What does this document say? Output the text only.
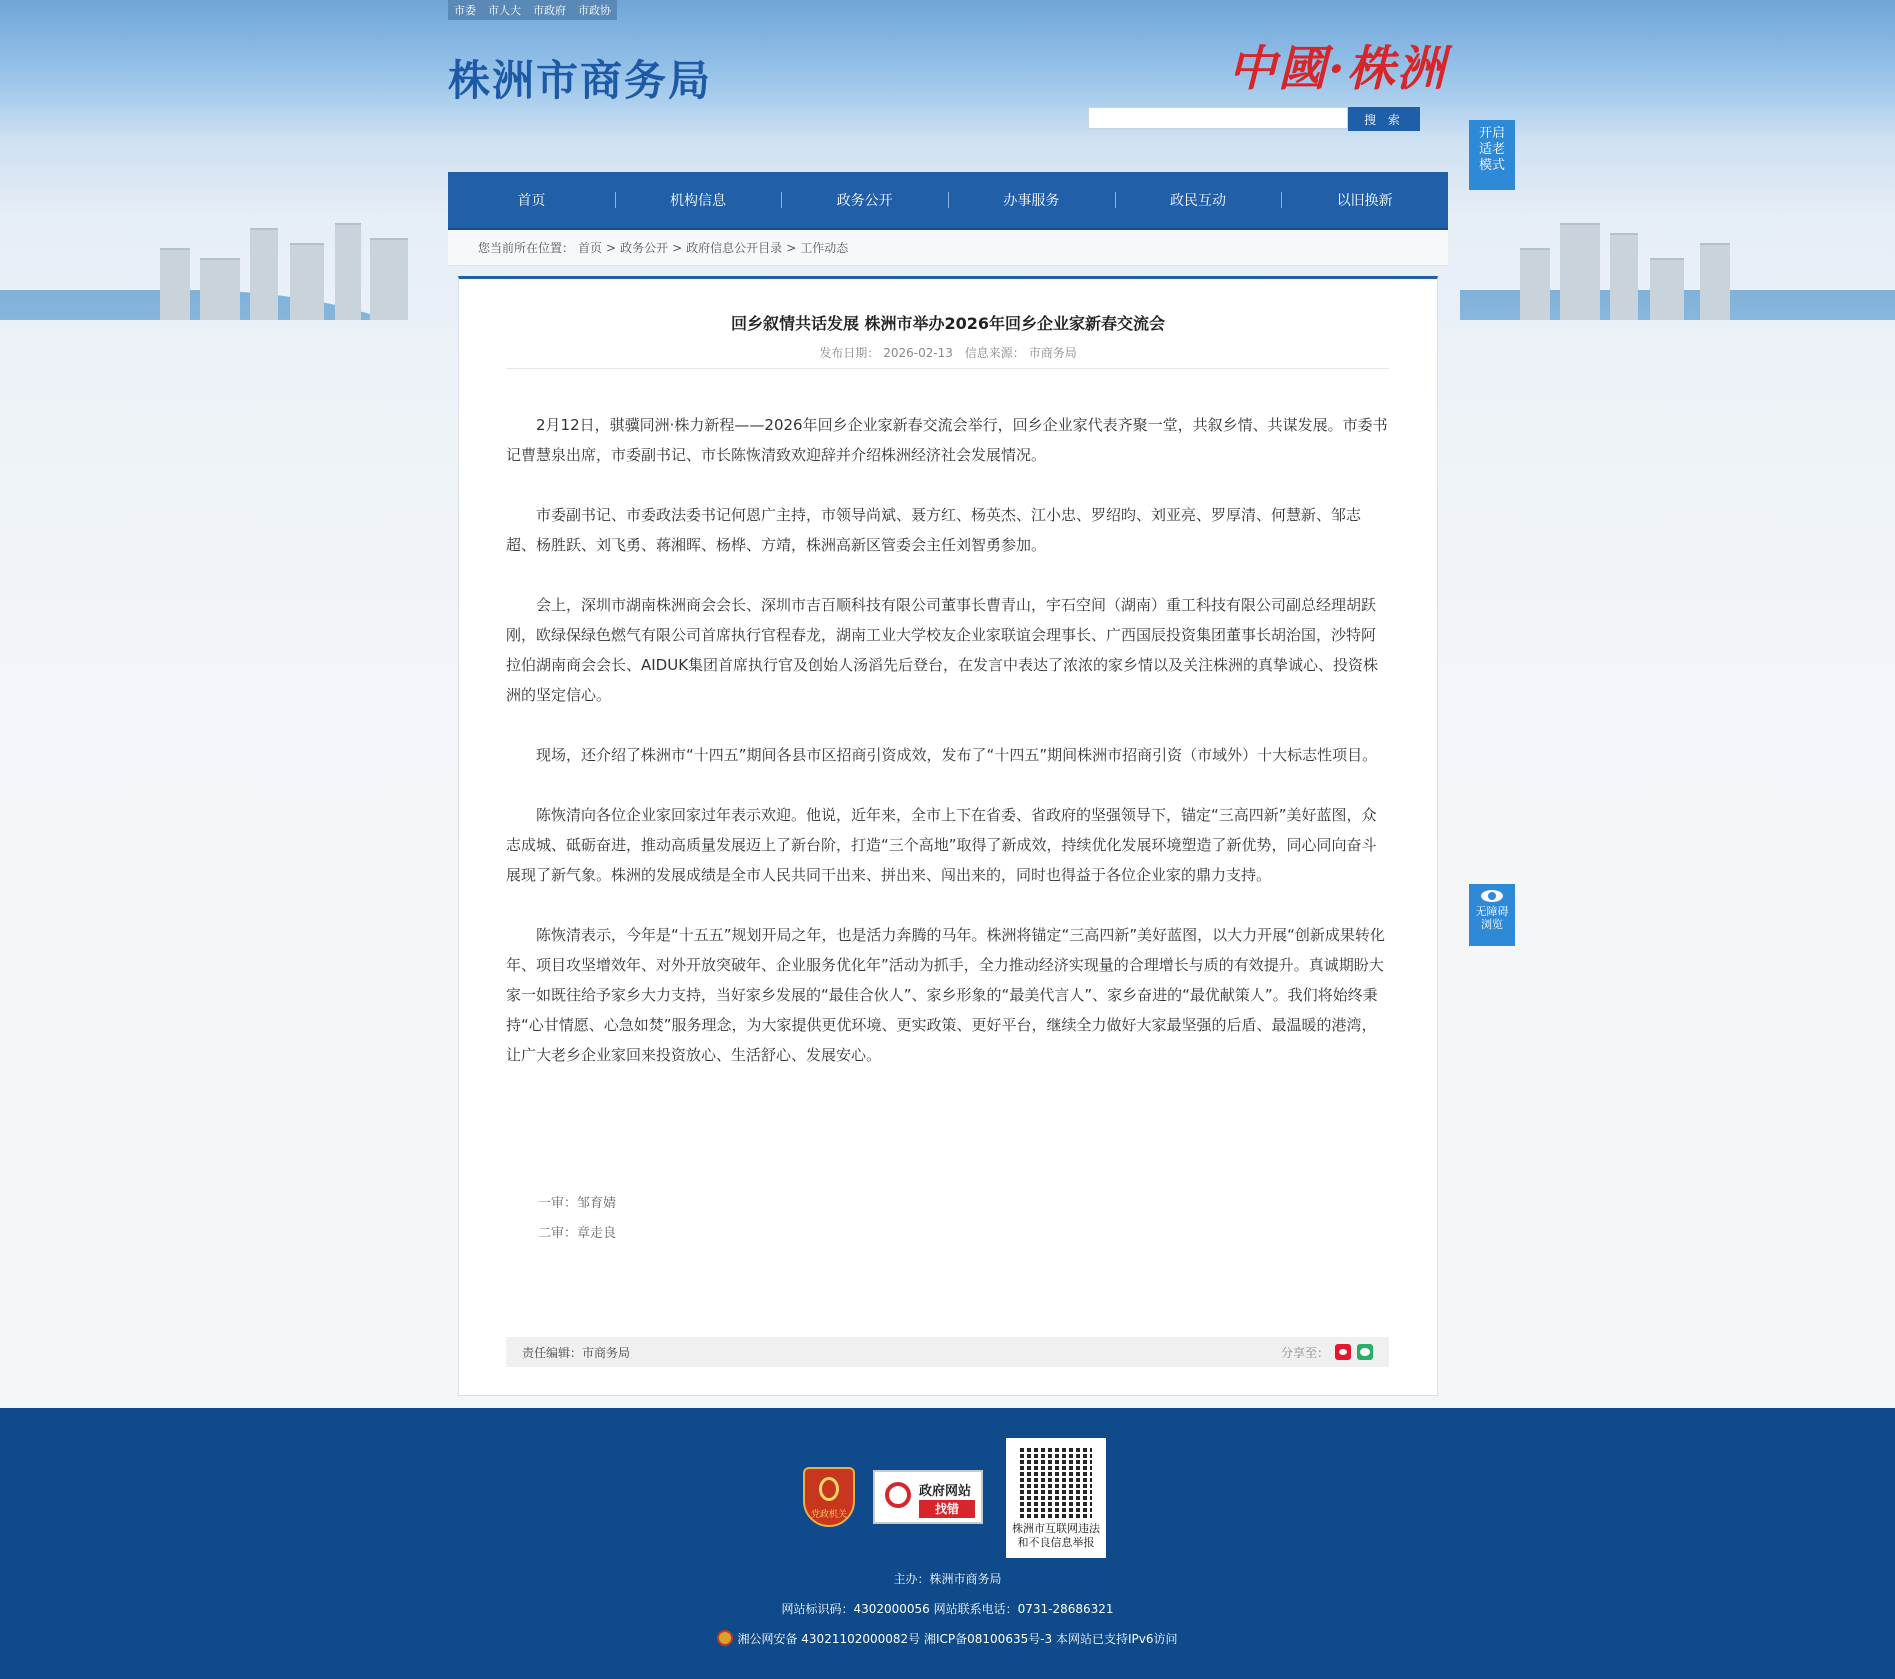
市委 市人大 市政府 市政协
株洲市商务局	中國·株洲
搜 索
开启
适老
模式
无障碍
浏览
首页	机构信息	政务公开	办事服务	政民互动	以旧换新
您当前所在位置： 首页 > 政务公开 > 政府信息公开目录 > 工作动态
回乡叙情共话发展 株洲市举办2026年回乡企业家新春交流会
发布日期： 2026-02-13 信息来源： 市商务局

2月12日，骐骥同洲·株力新程——2026年回乡企业家新春交流会举行，回乡企业家代表齐聚一堂，共叙乡情、共谋发展。市委书记曹慧泉出席，市委副书记、市长陈恢清致欢迎辞并介绍株洲经济社会发展情况。

市委副书记、市委政法委书记何恩广主持，市领导尚斌、聂方红、杨英杰、江小忠、罗绍昀、刘亚亮、罗厚清、何慧新、邹志超、杨胜跃、刘飞勇、蒋湘晖、杨桦、方靖，株洲高新区管委会主任刘智勇参加。

会上，深圳市湖南株洲商会会长、深圳市吉百顺科技有限公司董事长曹青山，宇石空间（湖南）重工科技有限公司副总经理胡跃刚，欧绿保绿色燃气有限公司首席执行官程春龙，湖南工业大学校友企业家联谊会理事长、广西国辰投资集团董事长胡治国，沙特阿拉伯湖南商会会长、AIDUK集团首席执行官及创始人汤滔先后登台，在发言中表达了浓浓的家乡情以及关注株洲的真挚诚心、投资株洲的坚定信心。

现场，还介绍了株洲市“十四五”期间各县市区招商引资成效，发布了“十四五”期间株洲市招商引资（市域外）十大标志性项目。

陈恢清向各位企业家回家过年表示欢迎。他说，近年来，全市上下在省委、省政府的坚强领导下，锚定“三高四新”美好蓝图，众志成城、砥砺奋进，推动高质量发展迈上了新台阶，打造“三个高地”取得了新成效，持续优化发展环境塑造了新优势，同心同向奋斗展现了新气象。株洲的发展成绩是全市人民共同干出来、拼出来、闯出来的，同时也得益于各位企业家的鼎力支持。

陈恢清表示，今年是“十五五”规划开局之年，也是活力奔腾的马年。株洲将锚定“三高四新”美好蓝图，以大力开展“创新成果转化年、项目攻坚增效年、对外开放突破年、企业服务优化年”活动为抓手，全力推动经济实现量的合理增长与质的有效提升。真诚期盼大家一如既往给予家乡大力支持，当好家乡发展的“最佳合伙人”、家乡形象的“最美代言人”、家乡奋进的“最优献策人”。我们将始终秉持“心甘情愿、心急如焚”服务理念，为大家提供更优环境、更实政策、更好平台，继续全力做好大家最坚强的后盾、最温暖的港湾，让广大老乡企业家回来投资放心、生活舒心、发展安心。

一审：邹育婧
二审：章走良
责任编辑：市商务局	分享至：
党政机关
政府网站
找错
株洲市互联网违法和不良信息举报
主办：株洲市商务局
网站标识码：4302000056 网站联系电话：0731-28686321
湘公网安备 43021102000082号 湘ICP备08100635号-3 本网站已支持IPv6访问
